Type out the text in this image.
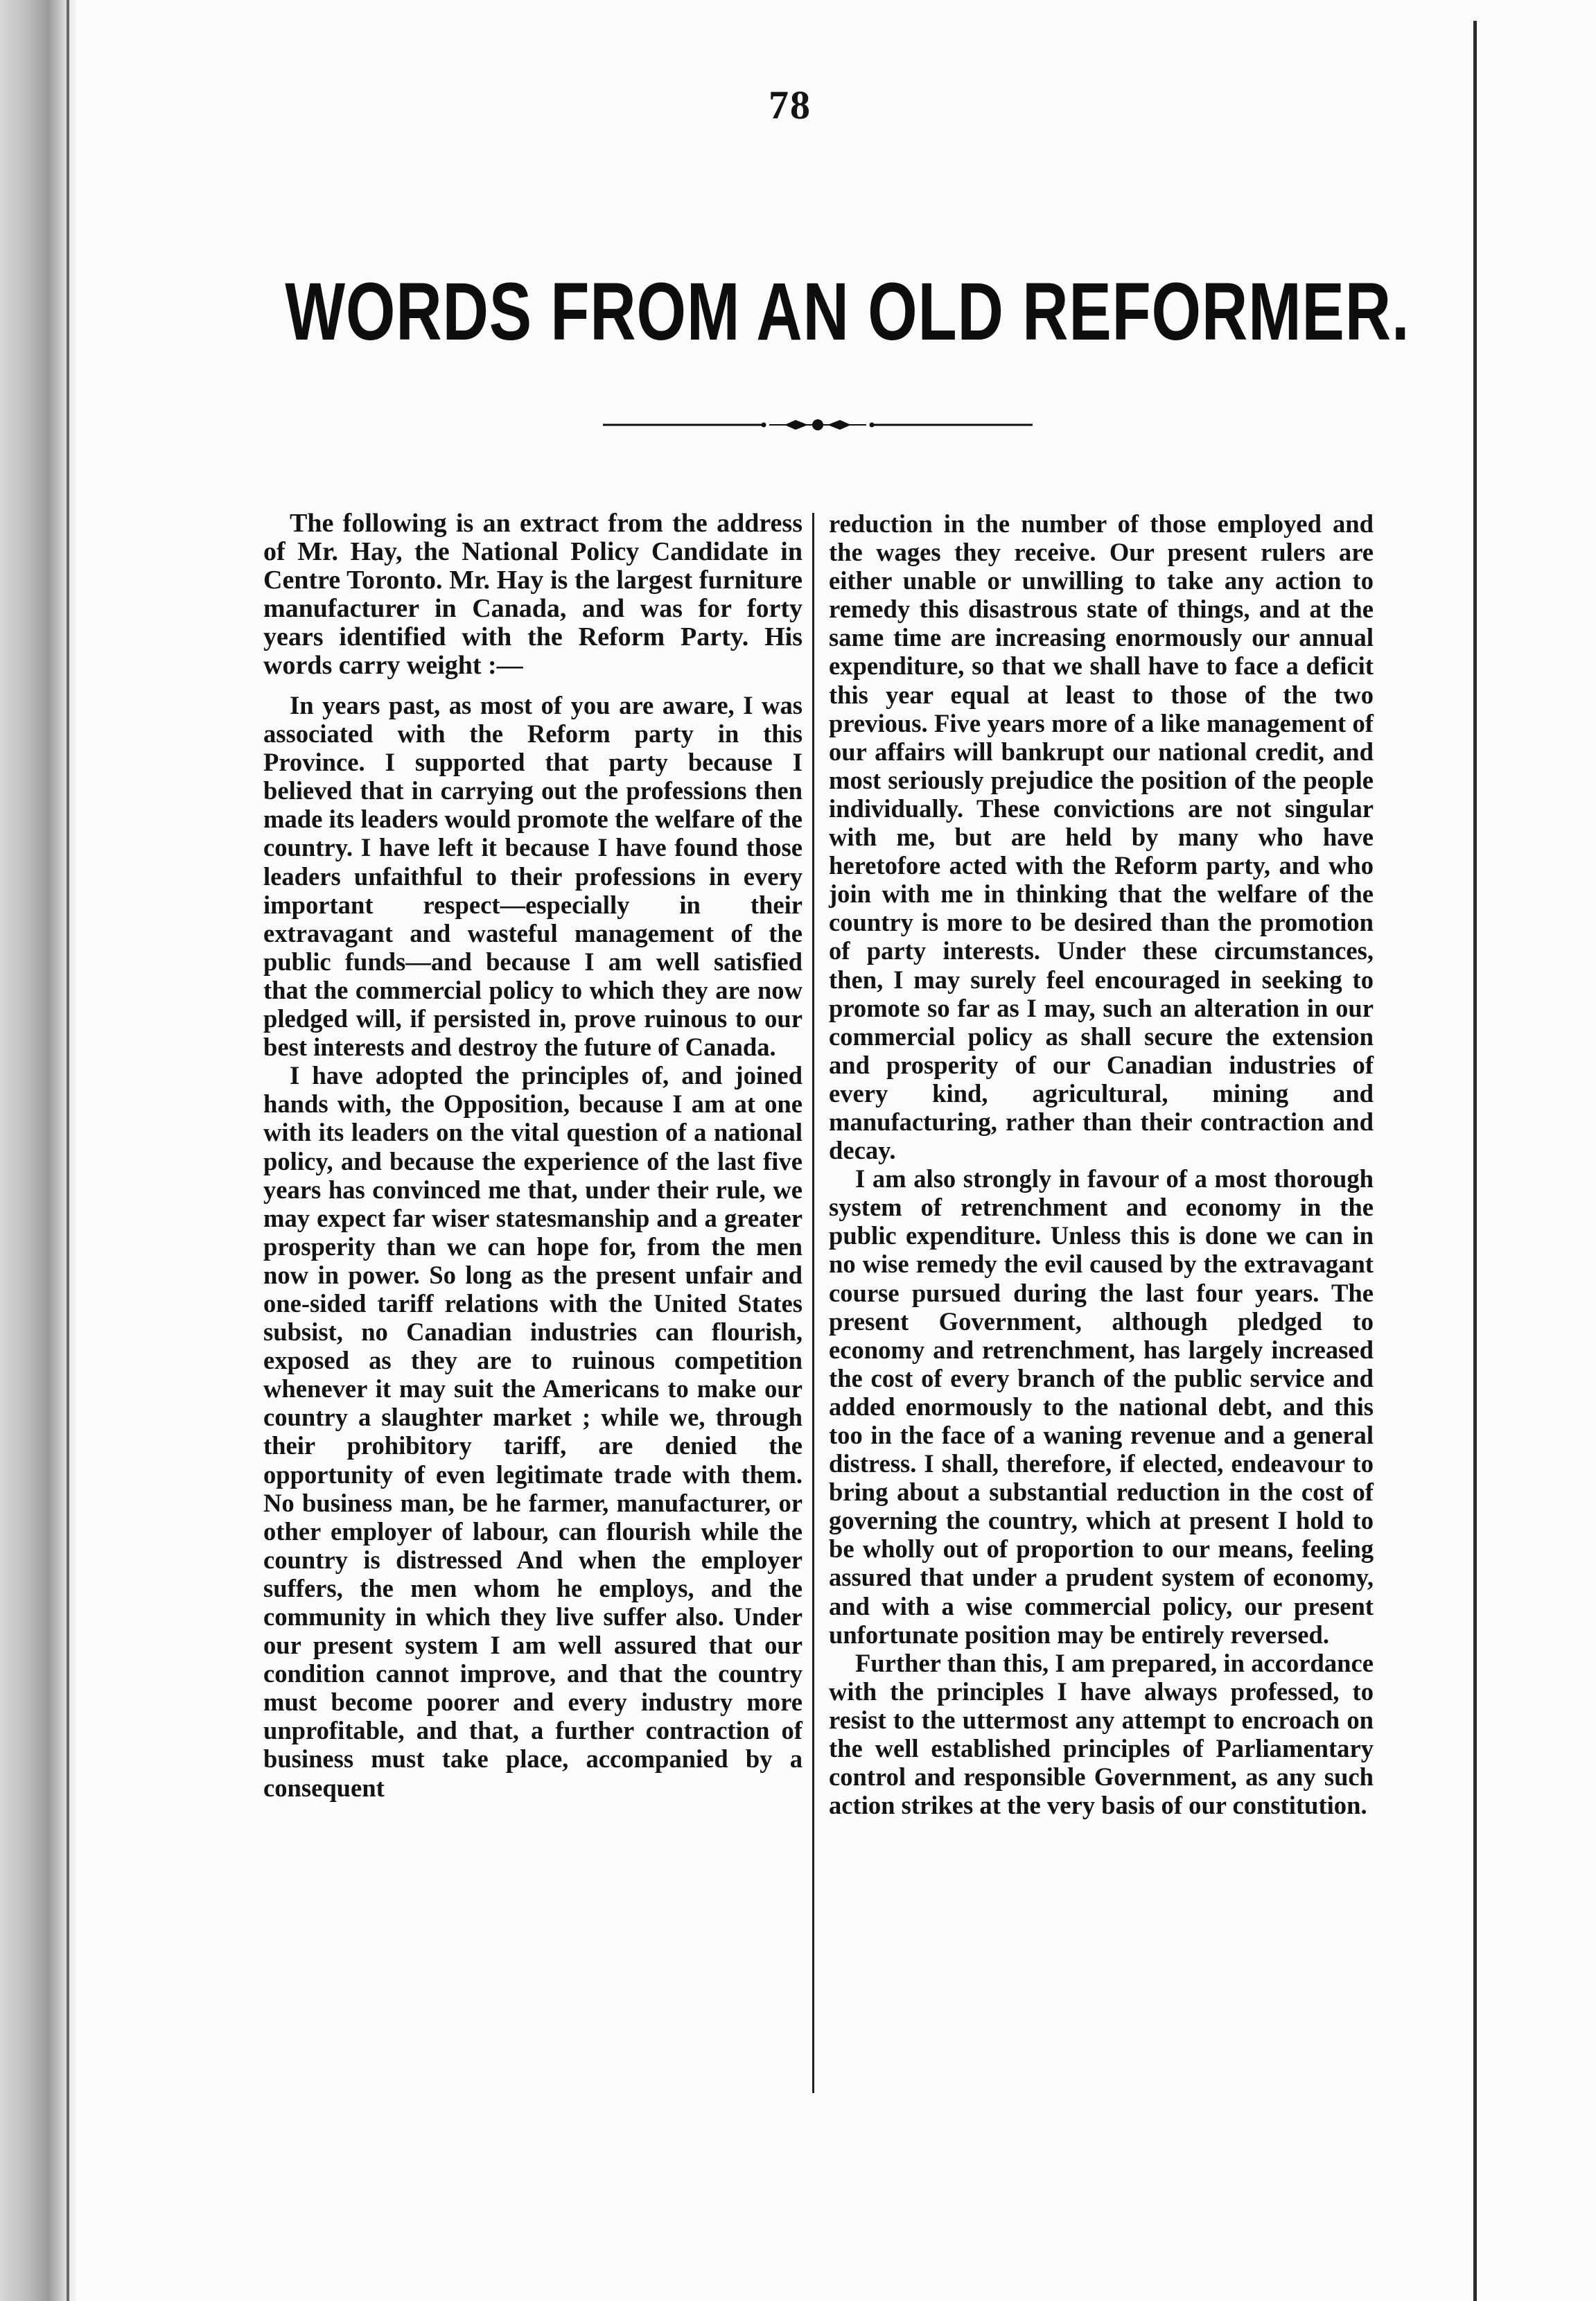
78
WORDS FROM AN OLD REFORMER.

The following is an extract from the address of Mr. Hay, the National Policy Candidate in Centre Toronto. Mr. Hay is the largest furniture manufacturer in Canada, and was for forty years identified with the Reform Party. His words carry weight :—

In years past, as most of you are aware, I was associated with the Reform party in this Province. I supported that party because I believed that in carrying out the professions then made its leaders would promote the welfare of the country. I have left it because I have found those leaders unfaithful to their professions in every important respect—especially in their extravagant and wasteful management of the public funds—and because I am well satisfied that the commercial policy to which they are now pledged will, if persisted in, prove ruinous to our best interests and destroy the future of Canada.

I have adopted the principles of, and joined hands with, the Opposition, because I am at one with its leaders on the vital question of a national policy, and because the experience of the last five years has convinced me that, under their rule, we may expect far wiser statesmanship and a greater prosperity than we can hope for, from the men now in power. So long as the present unfair and one-sided tariff relations with the United States subsist, no Canadian industries can flourish, exposed as they are to ruinous competition whenever it may suit the Americans to make our country a slaughter market ; while we, through their prohibitory tariff, are denied the opportunity of even legitimate trade with them. No business man, be he farmer, manufacturer, or other employer of labour, can flourish while the country is distressed And when the employer suffers, the men whom he employs, and the community in which they live suffer also. Under our present system I am well assured that our condition cannot improve, and that the country must become poorer and every industry more unprofitable, and that, a further contraction of business must take place, accompanied by a consequent

reduction in the number of those employed and the wages they receive. Our present rulers are either unable or unwilling to take any action to remedy this disastrous state of things, and at the same time are increasing enormously our annual expenditure, so that we shall have to face a deficit this year equal at least to those of the two previous. Five years more of a like management of our affairs will bankrupt our national credit, and most seriously prejudice the position of the people individually. These convictions are not singular with me, but are held by many who have heretofore acted with the Reform party, and who join with me in thinking that the welfare of the country is more to be desired than the promotion of party interests. Under these circumstances, then, I may surely feel encouraged in seeking to promote so far as I may, such an alteration in our commercial policy as shall secure the extension and prosperity of our Canadian industries of every kind, agricultural, mining and manufacturing, rather than their contraction and decay.

I am also strongly in favour of a most thorough system of retrenchment and economy in the public expenditure. Unless this is done we can in no wise remedy the evil caused by the extravagant course pursued during the last four years. The present Government, although pledged to economy and retrenchment, has largely increased the cost of every branch of the public service and added enormously to the national debt, and this too in the face of a waning revenue and a general distress. I shall, therefore, if elected, endeavour to bring about a substantial reduction in the cost of governing the country, which at present I hold to be wholly out of proportion to our means, feeling assured that under a prudent system of economy, and with a wise commercial policy, our present unfortunate position may be entirely reversed.

Further than this, I am prepared, in accordance with the principles I have always professed, to resist to the uttermost any attempt to encroach on the well established principles of Parliamentary control and responsible Government, as any such action strikes at the very basis of our constitution.
